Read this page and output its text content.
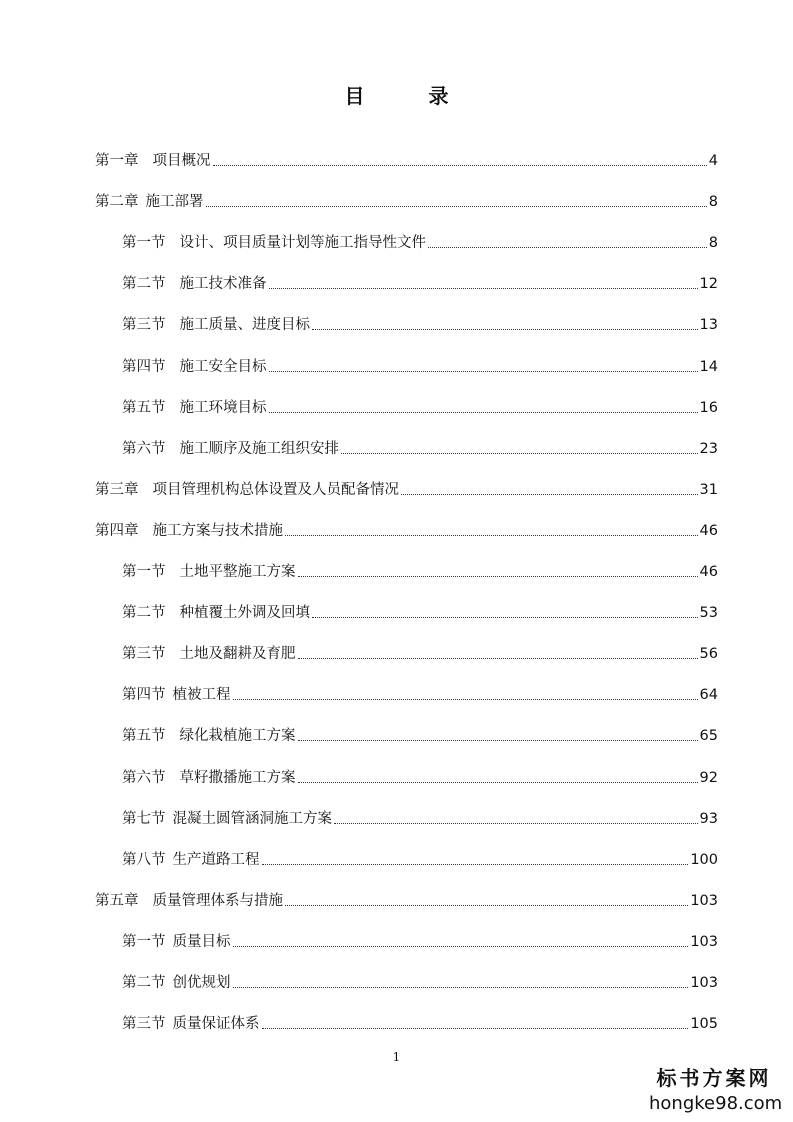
目　录
第一章 项目概况	4
第二章 施工部署	8
第一节 设计、项目质量计划等施工指导性文件	8
第二节 施工技术准备	12
第三节 施工质量、进度目标	13
第四节 施工安全目标	14
第五节 施工环境目标	16
第六节 施工顺序及施工组织安排	23
第三章 项目管理机构总体设置及人员配备情况	31
第四章 施工方案与技术措施	46
第一节 土地平整施工方案	46
第二节 种植覆土外调及回填	53
第三节 土地及翻耕及育肥	56
第四节 植被工程	64
第五节 绿化栽植施工方案	65
第六节 草籽撒播施工方案	92
第七节 混凝土圆管涵洞施工方案	93
第八节 生产道路工程	100
第五章 质量管理体系与措施	103
第一节 质量目标	103
第二节 创优规划	103
第三节 质量保证体系	105
1
标书方案网
hongke98.com
